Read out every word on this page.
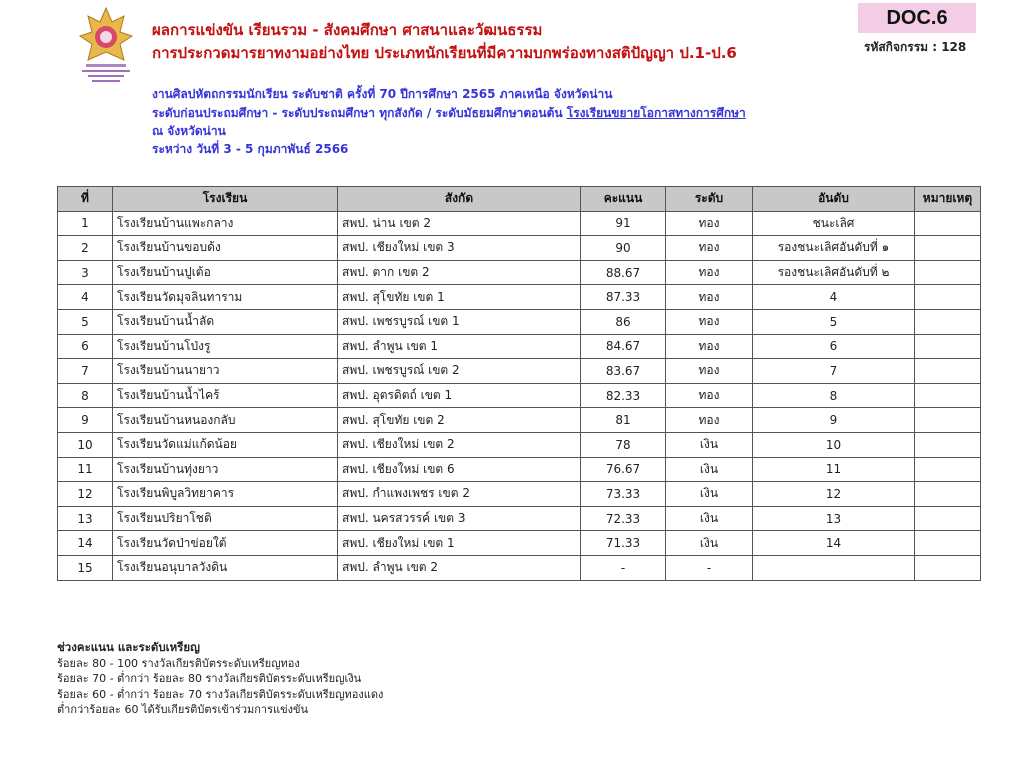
DOC.6
รหัสกิจกรรม : 128
ผลการแข่งขัน เรียนรวม - สังคมศึกษา ศาสนาและวัฒนธรรม
การประกวดมารยาทงามอย่างไทย ประเภทนักเรียนที่มีความบกพร่องทางสติปัญญา ป.1-ป.6
งานศิลปหัตถกรรมนักเรียน ระดับชาติ ครั้งที่ 70 ปีการศึกษา 2565 ภาคเหนือ จังหวัดน่าน
ระดับก่อนประถมศึกษา - ระดับประถมศึกษา ทุกสังกัด / ระดับมัธยมศึกษาตอนต้น โรงเรียนขยายโอกาสทางการศึกษา
ณ จังหวัดน่าน
ระหว่าง วันที่ 3 - 5 กุมภาพันธ์ 2566
ที่	โรงเรียน	สังกัด	คะแนน	ระดับ	อันดับ	หมายเหตุ
1	โรงเรียนบ้านแพะกลาง	สพป. น่าน เขต 2	91	ทอง	ชนะเลิศ	
2	โรงเรียนบ้านขอบด้ง	สพป. เชียงใหม่ เขต 3	90	ทอง	รองชนะเลิศอันดับที่ ๑	
3	โรงเรียนบ้านปูเต้อ	สพป. ตาก เขต 2	88.67	ทอง	รองชนะเลิศอันดับที่ ๒	
4	โรงเรียนวัดมุจลินทาราม	สพป. สุโขทัย เขต 1	87.33	ทอง	4	
5	โรงเรียนบ้านน้ำลัด	สพป. เพชรบูรณ์ เขต 1	86	ทอง	5	
6	โรงเรียนบ้านโป่งรู	สพป. ลำพูน เขต 1	84.67	ทอง	6	
7	โรงเรียนบ้านนายาว	สพป. เพชรบูรณ์ เขต 2	83.67	ทอง	7	
8	โรงเรียนบ้านน้ำไคร้	สพป. อุตรดิตถ์ เขต 1	82.33	ทอง	8	
9	โรงเรียนบ้านหนองกลับ	สพป. สุโขทัย เขต 2	81	ทอง	9	
10	โรงเรียนวัดแม่แก้ดน้อย	สพป. เชียงใหม่ เขต 2	78	เงิน	10	
11	โรงเรียนบ้านทุ่งยาว	สพป. เชียงใหม่ เขต 6	76.67	เงิน	11	
12	โรงเรียนพิบูลวิทยาคาร	สพป. กำแพงเพชร เขต 2	73.33	เงิน	12	
13	โรงเรียนปริยาโชติ	สพป. นครสวรรค์ เขต 3	72.33	เงิน	13	
14	โรงเรียนวัดป่าข่อยใต้	สพป. เชียงใหม่ เขต 1	71.33	เงิน	14	
15	โรงเรียนอนุบาลวังดิน	สพป. ลำพูน เขต 2	-	-		
ช่วงคะแนน และระดับเหรียญ
ร้อยละ 80 - 100 รางวัลเกียรติบัตรระดับเหรียญทอง
ร้อยละ 70 - ต่ำกว่า ร้อยละ 80 รางวัลเกียรติบัตรระดับเหรียญเงิน
ร้อยละ 60 - ต่ำกว่า ร้อยละ 70 รางวัลเกียรติบัตรระดับเหรียญทองแดง
ต่ำกว่าร้อยละ 60 ได้รับเกียรติบัตรเข้าร่วมการแข่งขัน
